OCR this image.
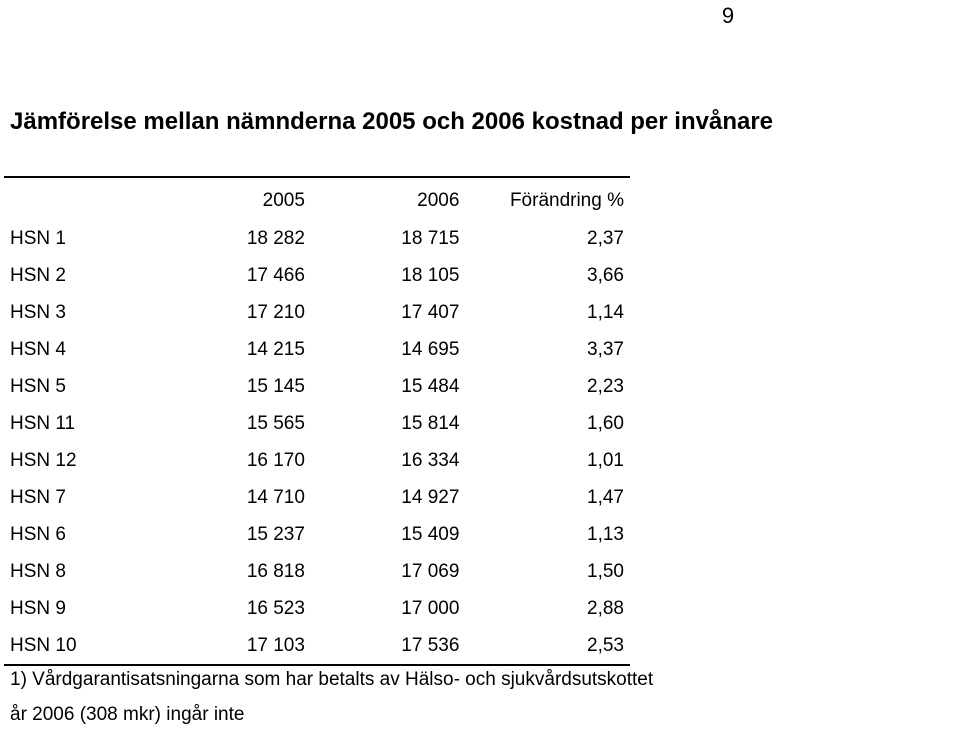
9
Jämförelse mellan nämnderna 2005 och 2006 kostnad per invånare
	2005	2006	Förändring %
HSN 1	18 282	18 715	2,37
HSN 2	17 466	18 105	3,66
HSN 3	17 210	17 407	1,14
HSN 4	14 215	14 695	3,37
HSN 5	15 145	15 484	2,23
HSN 11	15 565	15 814	1,60
HSN 12	16 170	16 334	1,01
HSN 7	14 710	14 927	1,47
HSN 6	15 237	15 409	1,13
HSN 8	16 818	17 069	1,50
HSN 9	16 523	17 000	2,88
HSN 10	17 103	17 536	2,53
1) Vårdgarantisatsningarna som har betalts av Hälso- och sjukvårdsutskottet
år 2006 (308 mkr) ingår inte
